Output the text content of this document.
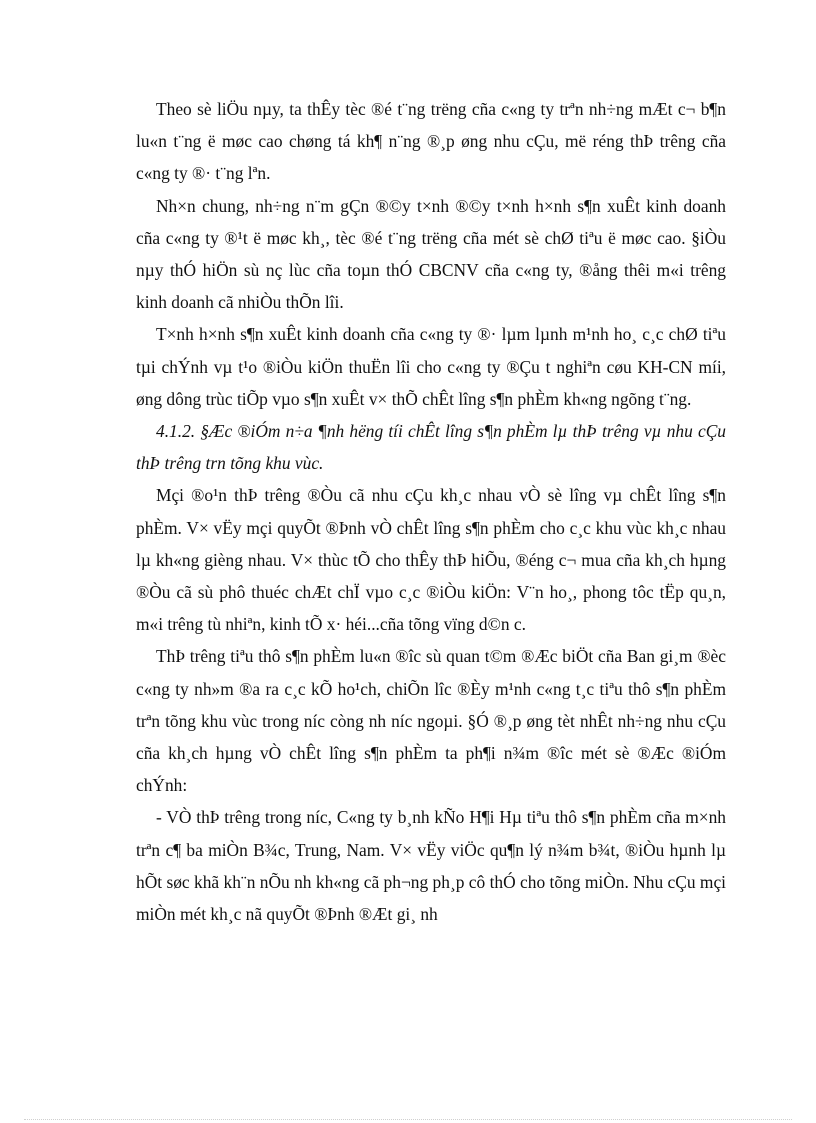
Theo sè liÖu nµy, ta thÊy tèc ®é t¨ng trëng cña c«ng ty trªn nh÷ng mÆt c¬ b¶n lu«n t¨ng ë møc cao chøng tá kh¶ n¨ng ®¸p øng nhu cÇu, më réng thÞ trêng cña c«ng ty ®· t¨ng lªn.

Nh×n chung, nh÷ng n¨m gÇn ®©y t×nh ®©y t×nh h×nh s¶n xuÊt kinh doanh cña c«ng ty ®¹t ë møc kh¸, tèc ®é t¨ng trëng cña mét sè chØ tiªu ë møc cao. §iÒu nµy thÓ hiÖn sù nç lùc cña toµn thÓ CBCNV cña c«ng ty, ®ång thêi m«i trêng kinh doanh cã nhiÒu thÕn lîi.

T×nh h×nh s¶n xuÊt kinh doanh cña c«ng ty ®· lµm lµnh m¹nh ho¸ c¸c chØ tiªu tµi chÝnh vµ t¹o ®iÒu kiÖn thuËn lîi cho c«ng ty ®Çu t nghiªn cøu KH-CN míi, øng dông trùc tiÕp vµo s¶n xuÊt v× thÕ chÊt lîng s¶n phÈm kh«ng ngõng t¨ng.

4.1.2. §Æc ®iÓm n÷a ¶nh hëng tíi chÊt lîng s¶n phÈm lµ thÞ trêng vµ nhu cÇu thÞ trêng trn tõng khu vùc.

Mçi ®o¹n thÞ trêng ®Òu cã nhu cÇu kh¸c nhau vÒ sè lîng vµ chÊt lîng s¶n phÈm. V× vËy mçi quyÕt ®Þnh vÒ chÊt lîng s¶n phÈm cho c¸c khu vùc kh¸c nhau lµ kh«ng gièng nhau. V× thùc tÕ cho thÊy thÞ hiÕu, ®éng c¬ mua cña kh¸ch hµng ®Òu cã sù phô thuéc chÆt chÏ vµo c¸c ®iÒu kiÖn: V¨n ho¸, phong tôc tËp qu¸n, m«i trêng tù nhiªn, kinh tÕ x· héi...cña tõng vïng d©n c.

ThÞ trêng tiªu thô s¶n phÈm lu«n ®îc sù quan t©m ®Æc biÖt cña Ban gi¸m ®èc c«ng ty nh»m ®a ra c¸c kÕ ho¹ch, chiÕn lîc ®Èy m¹nh c«ng t¸c tiªu thô s¶n phÈm trªn tõng khu vùc trong níc còng nh níc ngoµi. §Ó ®¸p øng tèt nhÊt nh÷ng nhu cÇu cña kh¸ch hµng vÒ chÊt lîng s¶n phÈm ta ph¶i n¾m ®îc mét sè ®Æc ®iÓm chÝnh:

- VÒ thÞ trêng trong níc, C«ng ty b¸nh kÑo H¶i Hµ tiªu thô s¶n phÈm cña m×nh trªn c¶ ba miÒn B¾c, Trung, Nam. V× vËy viÖc qu¶n lý n¾m b¾t, ®iÒu hµnh lµ hÕt søc khã kh¨n nÕu nh kh«ng cã ph¬ng ph¸p cô thÓ cho tõng miÒn. Nhu cÇu mçi miÒn mét kh¸c nã quyÕt ®Þnh ®Æt gi¸ nh
